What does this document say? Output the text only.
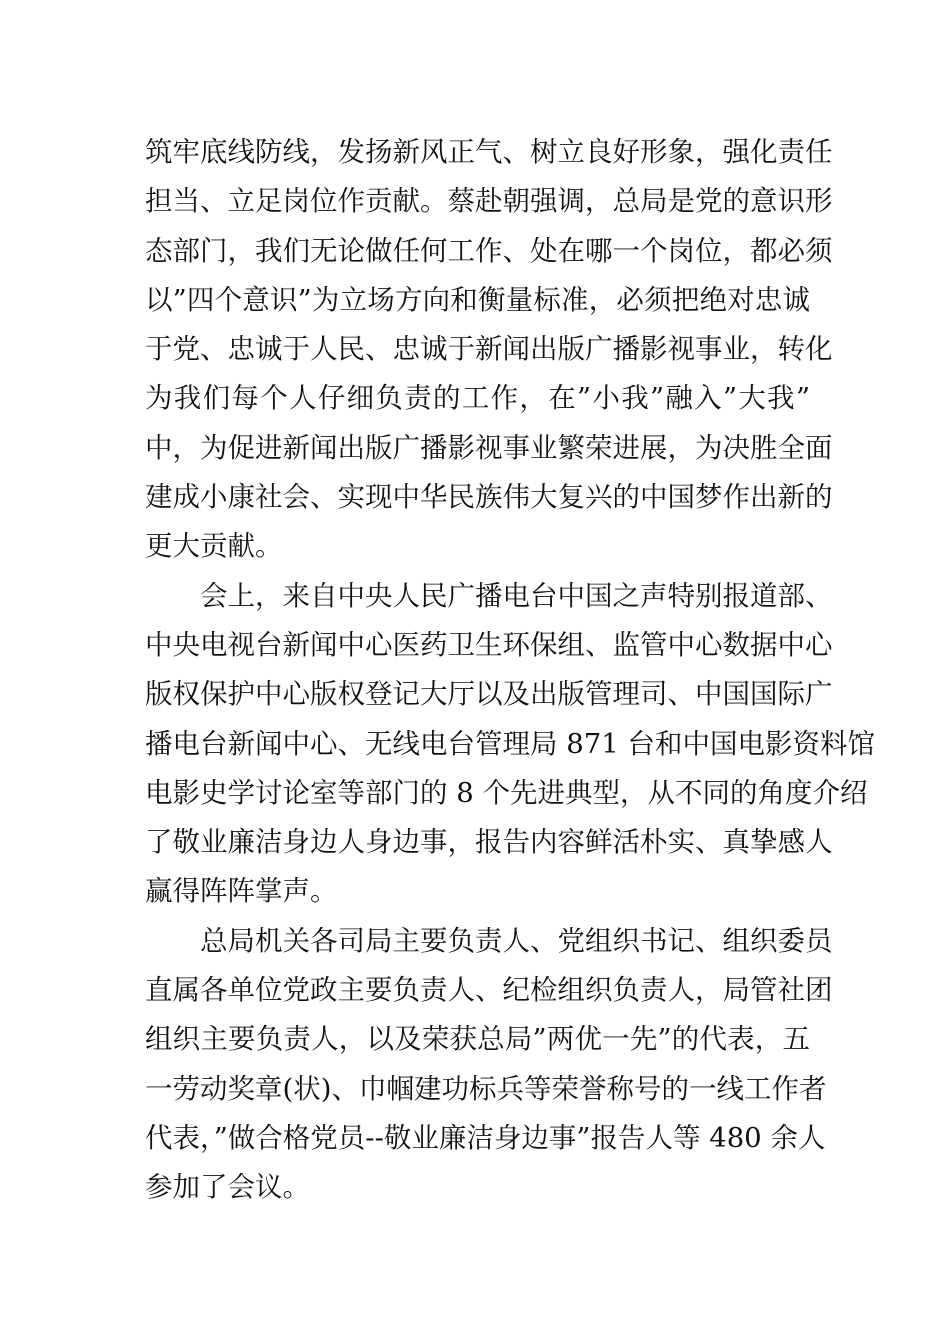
筑牢底线防线，发扬新风正气、树立良好形象，强化责任
担当、立足岗位作贡献。蔡赴朝强调，总局是党的意识形
态部门，我们无论做任何工作、处在哪一个岗位，都必须
以”四个意识”为立场方向和衡量标准，必须把绝对忠诚
于党、忠诚于人民、忠诚于新闻出版广播影视事业，转化
为我们每个人仔细负责的工作，在”小我”融入”大我”
中，为促进新闻出版广播影视事业繁荣进展，为决胜全面
建成小康社会、实现中华民族伟大复兴的中国梦作出新的
更大贡献。
会上，来自中央人民广播电台中国之声特别报道部、
中央电视台新闻中心医药卫生环保组、监管中心数据中心
版权保护中心版权登记大厅以及出版管理司、中国国际广
播电台新闻中心、无线电台管理局 871 台和中国电影资料馆
电影史学讨论室等部门的 8 个先进典型，从不同的角度介绍
了敬业廉洁身边人身边事，报告内容鲜活朴实、真挚感人
赢得阵阵掌声。
总局机关各司局主要负责人、党组织书记、组织委员
直属各单位党政主要负责人、纪检组织负责人，局管社团
组织主要负责人，以及荣获总局”两优一先”的代表，五
一劳动奖章(状)、巾帼建功标兵等荣誉称号的一线工作者
代表，”做合格党员--敬业廉洁身边事”报告人等 480 余人
参加了会议。
